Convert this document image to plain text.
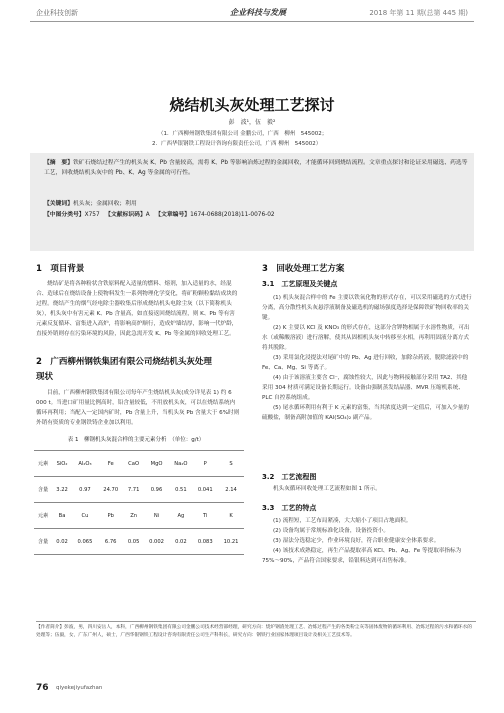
企业科技创新	企业科技与发展	2018 年第 11 期(总第 445 期)
烧结机头灰处理工艺探讨
彭　波¹，伍　毅²
（1．广西柳州钢铁集团有限公司 金鹏公司，广西　柳州　545002；
2．广西华银钢铁工程设计咨询有限责任公司，广西 柳州　545002）
【摘　要】铁矿石烧结过程产生的机头灰 K、Pb 含量较高，需将 K、Pb 等影响冶炼过程的金属回收，才能循环回到烧结流程。文章重点探讨和论证采用磁选、药选等工艺，回收烧结机头灰中的 Pb、K、Ag 等金属的可行性。
【关键词】机头灰；金属回收；利用
【中图分类号】X757 【文献标识码】A 【文章编号】1674-0688(2018)11-0076-02
1　项目背景

烧结矿是将各种粉状含铁原料配入适量的燃料、熔剂，加入适量的水，经混合、造球后在烧结设备上使物料发生一系列物理化学变化，将矿粉颗粒黏结成块的过程。烧结产生的烟气经电除尘器收集后形成烧结机头电除尘灰（以下简称机头灰），机头灰中有害元素 K、Pb 含量高，如直接返回烧结流程，则 K、Pb 等有害元素反复循环、富集进入高炉，将影响高炉顺行，造成炉墙结厚，影响一代炉龄，直接外销则存在污染环境的风险，因此急需开发 K、Pb 等金属的回收处理工艺。

2　广西柳州钢铁集团有限公司烧结机头灰处理
现状

目前，广西柳州钢铁集团有限公司每年产生烧结机头灰(成分详见表 1) 约 6 000 t。当进口矿用量比例高时，铅含量较低，不用放机头灰，可以在烧结系统内循环再利用；当配入一定国内矿时，Pb 含量上升，当机头灰 Pb 含量大于 6%时则外销有资质的专业钢铁铸企业加以利用。

表 1　柳钢机头灰混合样的主要元素分析　（单位：g/t）
元素	SiO₂	Al₂O₃	Fe	CaO	MgO	Na₂O	P	S
含量	3.22	0.97	24.70	7.71	0.96	0.51	0.041	2.14
元素	Ba	Cu	Pb	Zn	Ni	Ag	Ti	K
含量	0.02	0.065	6.76	0.05	0.002	0.02	0.083	10.21
3　回收处理工艺方案
3.1　工艺原理及关键点

(1) 机头灰混合样中的 Fe 主要以铁氧化物的形式存在，可以采用磁选的方式进行分离，高分散性机头灰悬浮液制备及磁选机的磁场强度选择是保障铁矿物回收率的关键。

(2) K 主要以 KCl 及 KNO₃ 的形式存在，这部分含钾物相属于水溶性物质，可出水（或稀酸溶液）进行溶解，使其从固相机头灰中转移至水相，再利用固液分离方式将其脱除。

(3) 采用氯化浸提法对尾矿中的 Pb、Ag 进行回收，加除杂药液，脱除滤液中的 Fe、Ca、Mg、Si 等离子。

(4) 由于该溶液主要含 Cl⁻，腐蚀性较大，因此与物料接触部分采用 TA2、其他采用 304 材质可满足设备长期运行。设备由强制蒸发结晶器、MVR 压缩机系统、PLC 自控系统组成。

(5) 尾水循环利用有利于 K 元素的富集，当其浓度达到一定值后，可加入少量的硫酸盐，制备高附加值的 KAl(SO₄)₂ 副产品。

3.2　工艺流程图

机头灰循环回收处理工艺流程如图 1 所示。

3.3　工艺的特点

(1) 流程短，工艺布局紧凑，大大缩小了项目占地面积。

(2) 设备均属于常规标准化设备，设备投资小。

(3) 湿法分选稳定少，作业环境良好，符合职业健康安全体系要求。

(4) 该技术成熟稳定，再生产品提取率高 KCl、Pb、Ag、Fe 等提取率指标为 75%～90%，产品符合国家要求，铅银料达到可出售标准。

【作者简介】彭波，男，四川安岳人，本科，广西柳州钢铁集团有限公司金鹏公司技术经营部经理，研究方向：烧炉钢渣处理工艺、冶炼过程产生的各类粉尘灰等固体废物的循环利用、冶炼过程的污水和循环水的处理等；伍毅，女，广东广州人，硕士，广西华银钢铁工程设计咨询有限责任公司生产科科长，研究方向：钢铁行业国家体理项目设计及相关工艺技术等。
76 qiyekejiyufazhan
